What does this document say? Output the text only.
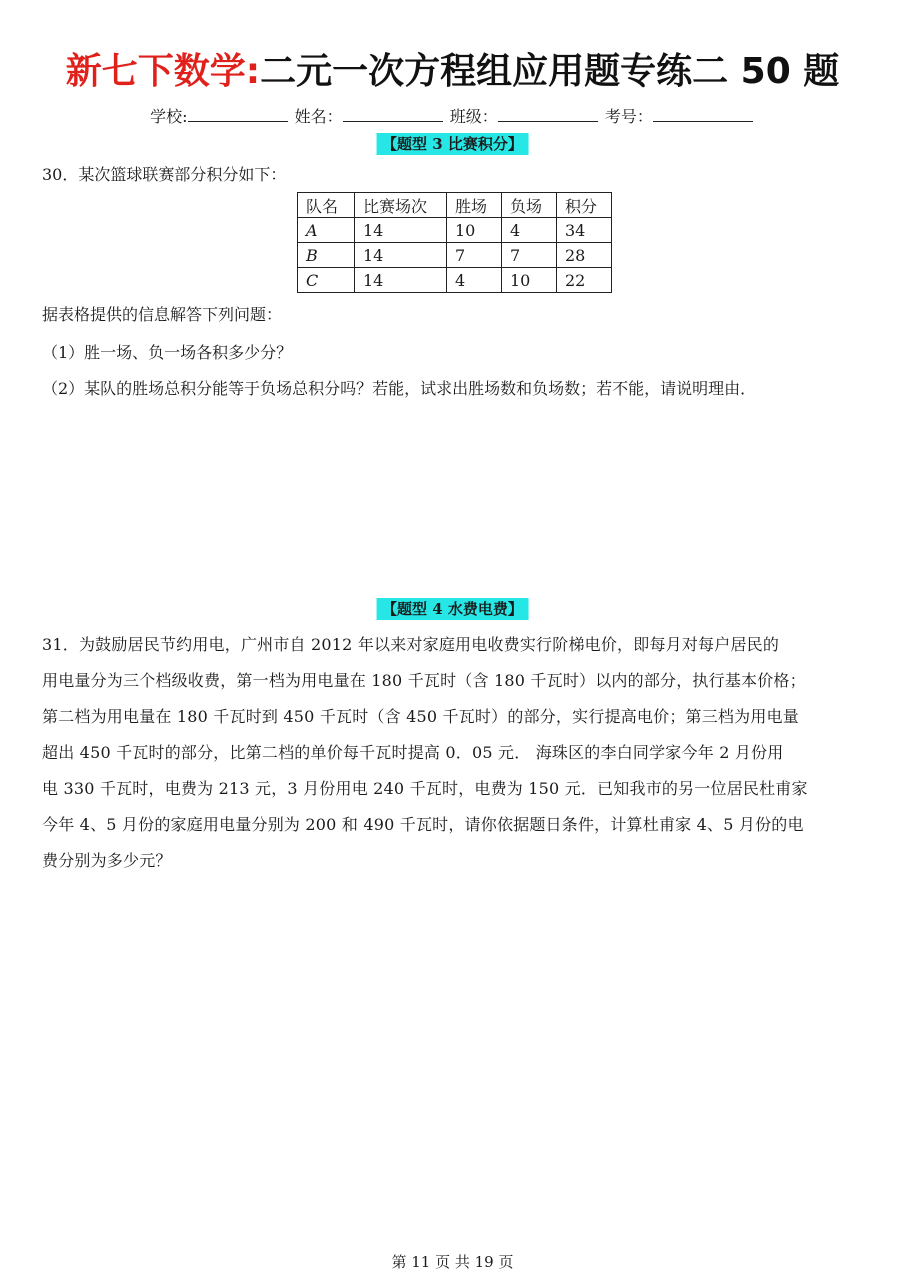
新七下数学:二元一次方程组应用题专练二 50 题
学校:	姓名：	班级：	考号：
【题型 3 比赛积分】
30．某次篮球联赛部分积分如下：
队名	比赛场次	胜场	负场	积分
A	14	10	4	34
B	14	7	7	28
C	14	4	10	22
据表格提供的信息解答下列问题：
（1）胜一场、负一场各积多少分？
（2）某队的胜场总积分能等于负场总积分吗？若能，试求出胜场数和负场数；若不能，请说明理由．
【题型 4 水费电费】
31．为鼓励居民节约用电，广州市自 2012 年以来对家庭用电收费实行阶梯电价，即每月对每户居民的
用电量分为三个档级收费，第一档为用电量在 180 千瓦时（含 180 千瓦时）以内的部分，执行基本价格；
第二档为用电量在 180 千瓦时到 450 千瓦时（含 450 千瓦时）的部分，实行提高电价；第三档为用电量
超出 450 千瓦时的部分，比第二档的单价每千瓦时提高 0．05 元． 海珠区的李白同学家今年 2 月份用
电 330 千瓦时，电费为 213 元，3 月份用电 240 千瓦时，电费为 150 元．已知我市的另一位居民杜甫家
今年 4、5 月份的家庭用电量分别为 200 和 490 千瓦时，请你依据题日条件，计算杜甫家 4、5 月份的电
费分别为多少元？
第 11 页 共 19 页
